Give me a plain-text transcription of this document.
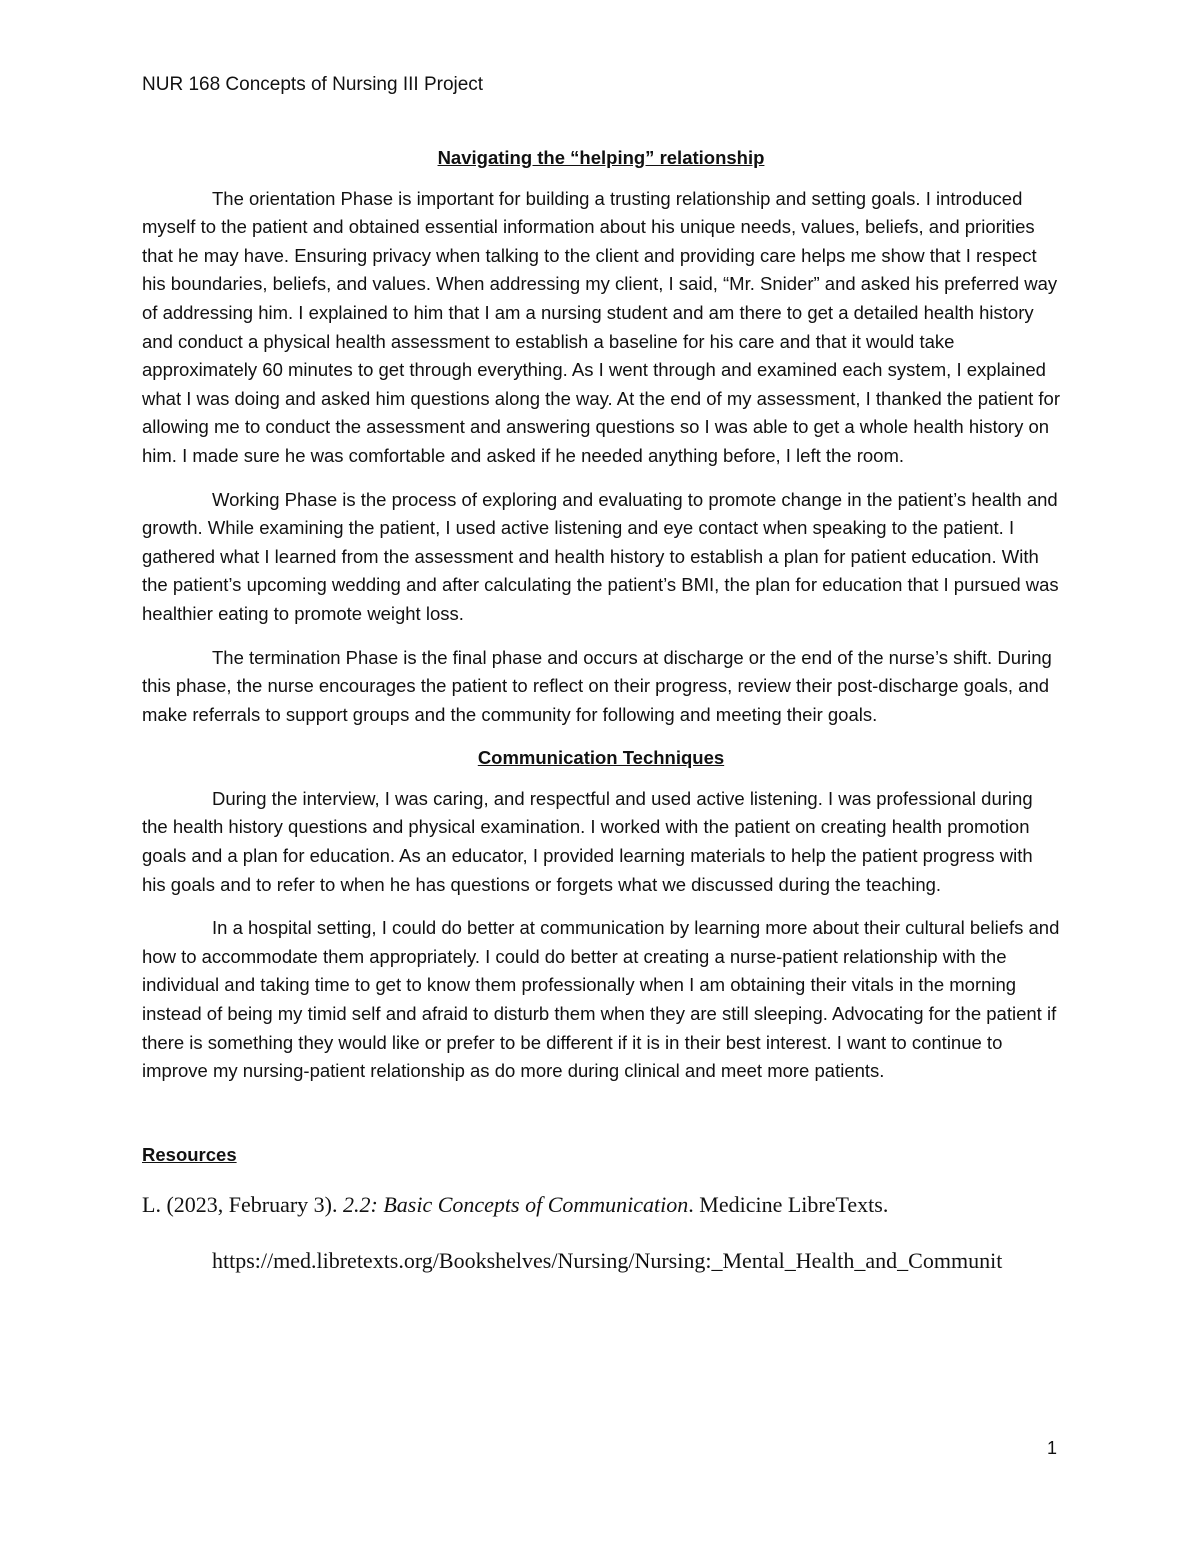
NUR 168 Concepts of Nursing III Project

Navigating the “helping” relationship

The orientation Phase is important for building a trusting relationship and setting goals. I introduced myself to the patient and obtained essential information about his unique needs, values, beliefs, and priorities that he may have. Ensuring privacy when talking to the client and providing care helps me show that I respect his boundaries, beliefs, and values. When addressing my client, I said, “Mr. Snider” and asked his preferred way of addressing him. I explained to him that I am a nursing student and am there to get a detailed health history and conduct a physical health assessment to establish a baseline for his care and that it would take approximately 60 minutes to get through everything. As I went through and examined each system, I explained what I was doing and asked him questions along the way. At the end of my assessment, I thanked the patient for allowing me to conduct the assessment and answering questions so I was able to get a whole health history on him. I made sure he was comfortable and asked if he needed anything before, I left the room.

Working Phase is the process of exploring and evaluating to promote change in the patient’s health and growth. While examining the patient, I used active listening and eye contact when speaking to the patient. I gathered what I learned from the assessment and health history to establish a plan for patient education. With the patient’s upcoming wedding and after calculating the patient’s BMI, the plan for education that I pursued was healthier eating to promote weight loss.

The termination Phase is the final phase and occurs at discharge or the end of the nurse’s shift. During this phase, the nurse encourages the patient to reflect on their progress, review their post-discharge goals, and make referrals to support groups and the community for following and meeting their goals.

Communication Techniques

During the interview, I was caring, and respectful and used active listening. I was professional during the health history questions and physical examination. I worked with the patient on creating health promotion goals and a plan for education. As an educator, I provided learning materials to help the patient progress with his goals and to refer to when he has questions or forgets what we discussed during the teaching.

In a hospital setting, I could do better at communication by learning more about their cultural beliefs and how to accommodate them appropriately. I could do better at creating a nurse-patient relationship with the individual and taking time to get to know them professionally when I am obtaining their vitals in the morning instead of being my timid self and afraid to disturb them when they are still sleeping. Advocating for the patient if there is something they would like or prefer to be different if it is in their best interest. I want to continue to improve my nursing-patient relationship as do more during clinical and meet more patients.

Resources

L. (2023, February 3). 2.2: Basic Concepts of Communication. Medicine LibreTexts.

https://med.libretexts.org/Bookshelves/Nursing/Nursing:_Mental_Health_and_Communit

1
